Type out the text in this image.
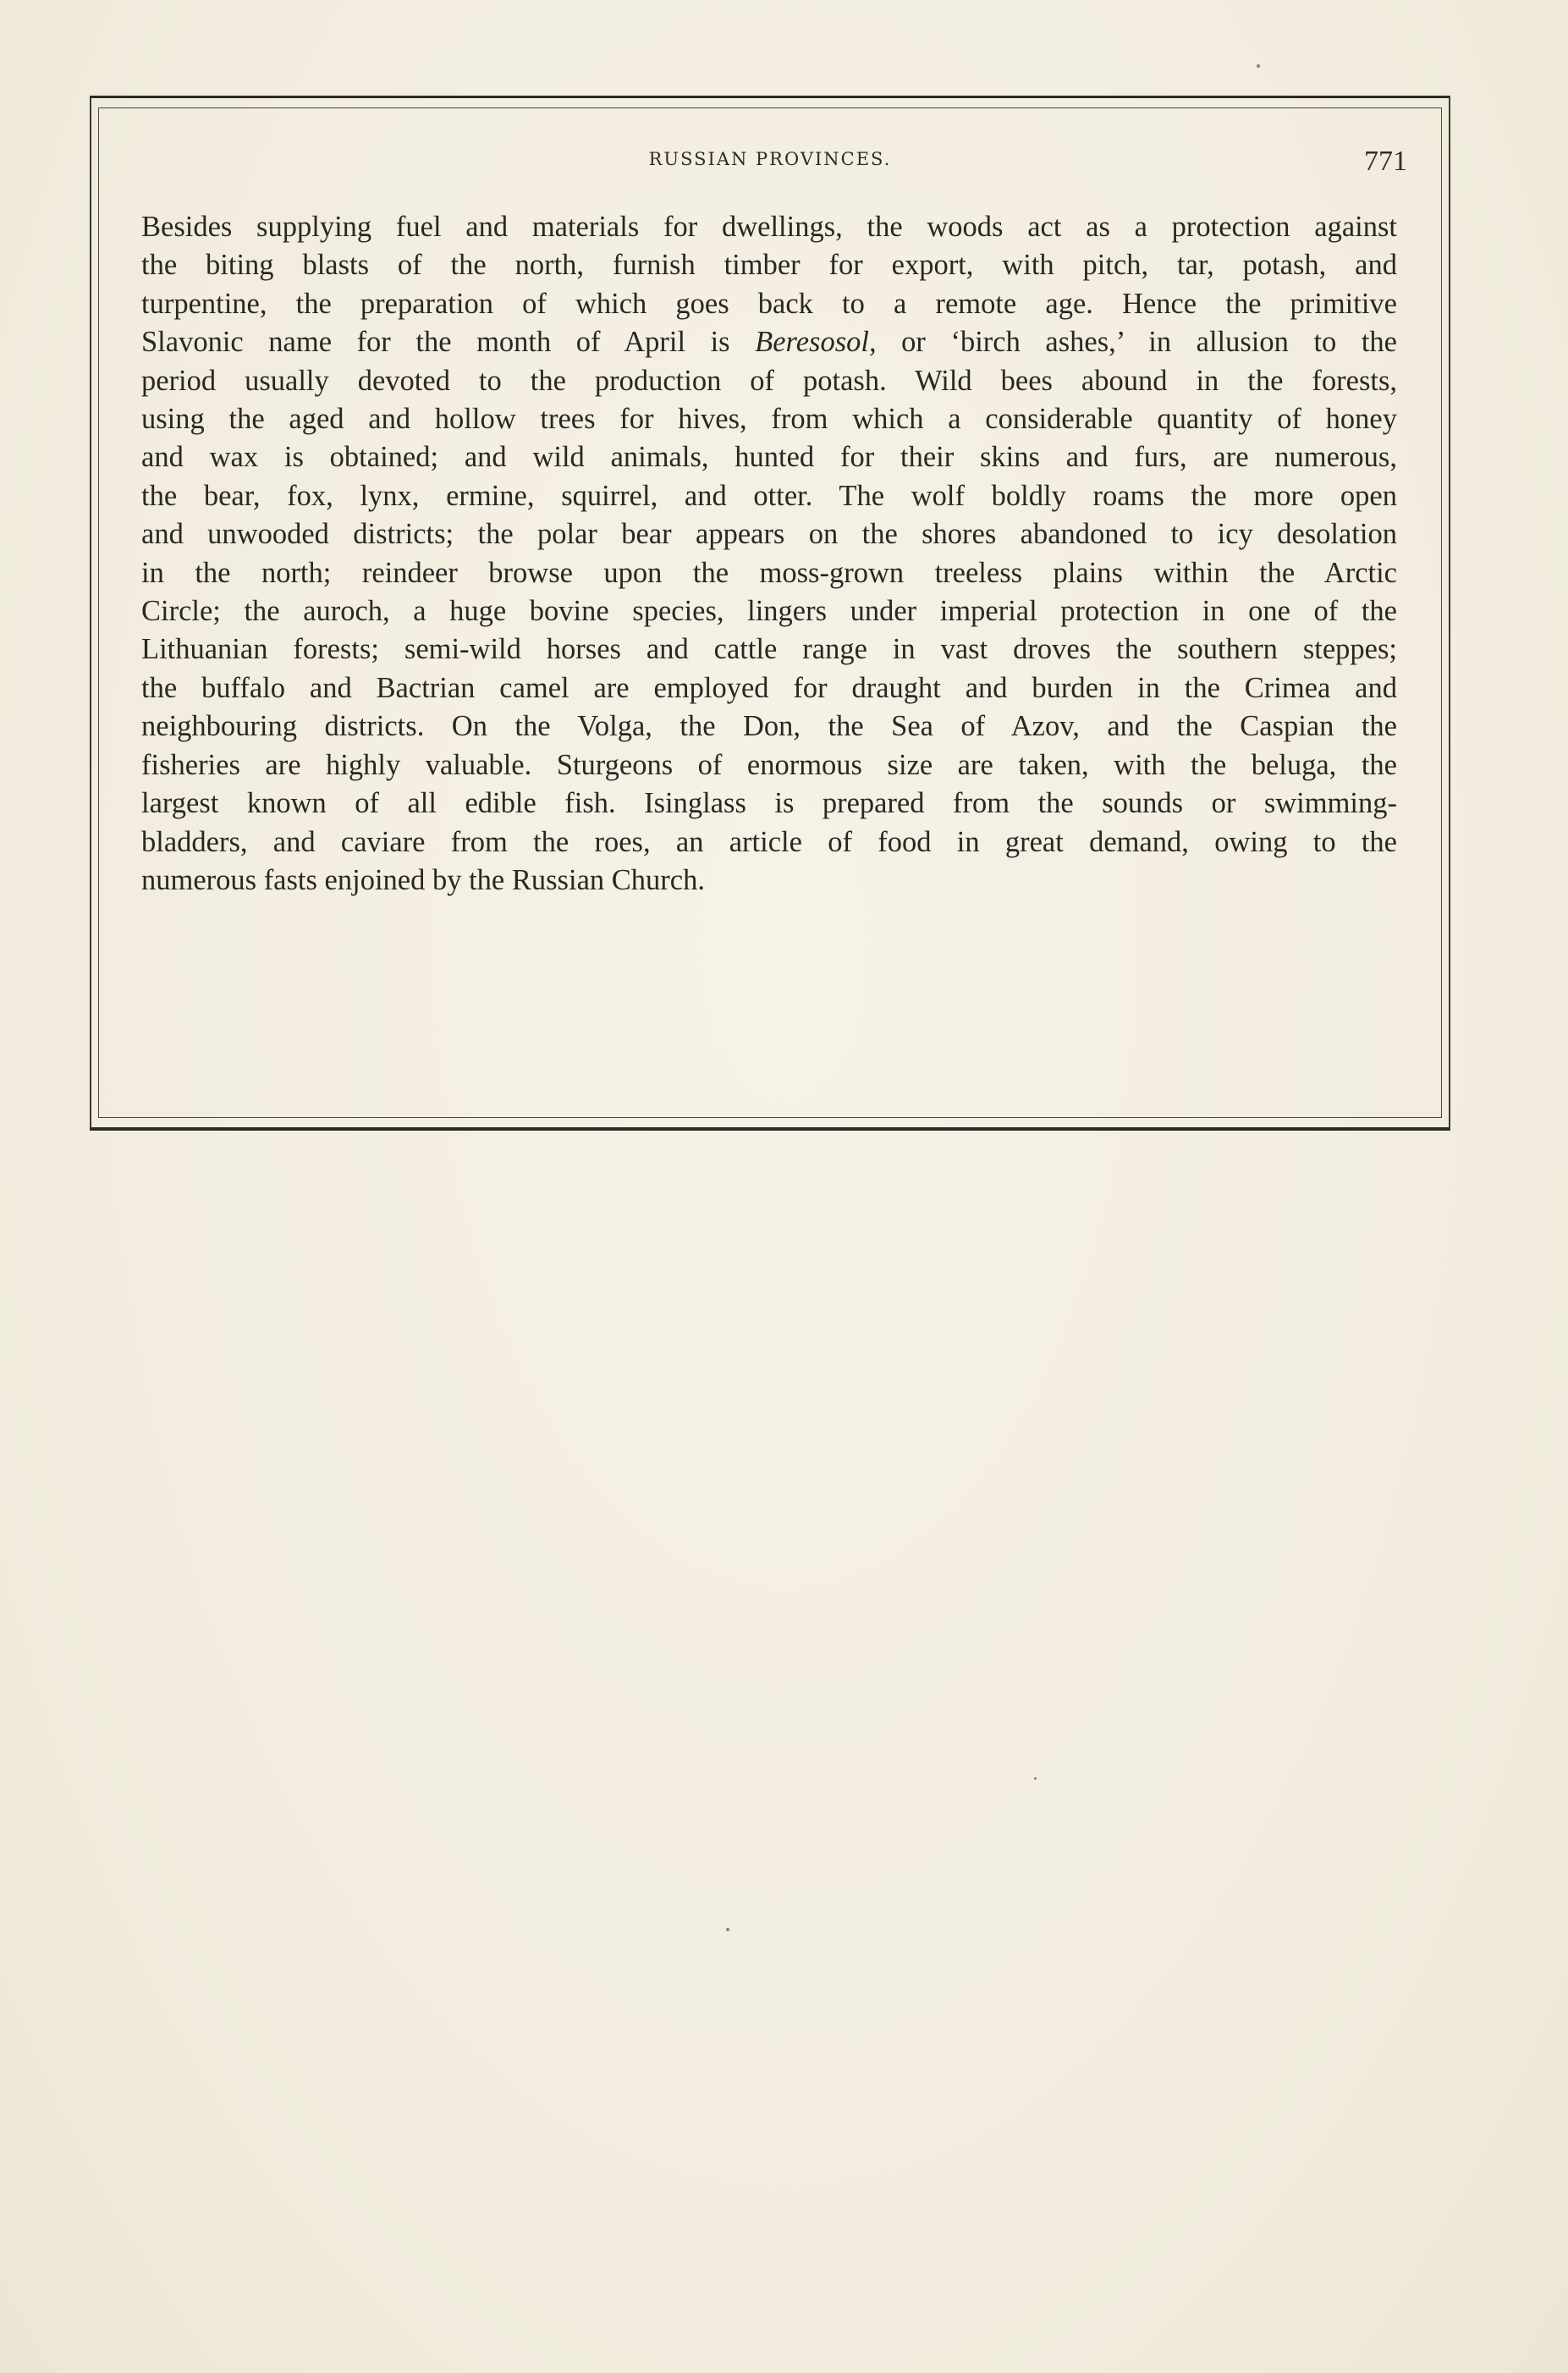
RUSSIAN PROVINCES.	771
Besides supplying fuel and materials for dwellings, the woods act as a protection against
the biting blasts of the north, furnish timber for export, with pitch, tar, potash, and
turpentine, the preparation of which goes back to a remote age. Hence the primitive
Slavonic name for the month of April is Beresosol, or ‘birch ashes,’ in allusion to the
period usually devoted to the production of potash. Wild bees abound in the forests,
using the aged and hollow trees for hives, from which a considerable quantity of honey
and wax is obtained; and wild animals, hunted for their skins and furs, are numerous,
the bear, fox, lynx, ermine, squirrel, and otter. The wolf boldly roams the more open
and unwooded districts; the polar bear appears on the shores abandoned to icy desolation
in the north; reindeer browse upon the moss-grown treeless plains within the Arctic
Circle; the auroch, a huge bovine species, lingers under imperial protection in one of the
Lithuanian forests; semi-wild horses and cattle range in vast droves the southern steppes;
the buffalo and Bactrian camel are employed for draught and burden in the Crimea and
neighbouring districts. On the Volga, the Don, the Sea of Azov, and the Caspian the
fisheries are highly valuable. Sturgeons of enormous size are taken, with the beluga, the
largest known of all edible fish. Isinglass is prepared from the sounds or swimming-
bladders, and caviare from the roes, an article of food in great demand, owing to the
numerous fasts enjoined by the Russian Church.
